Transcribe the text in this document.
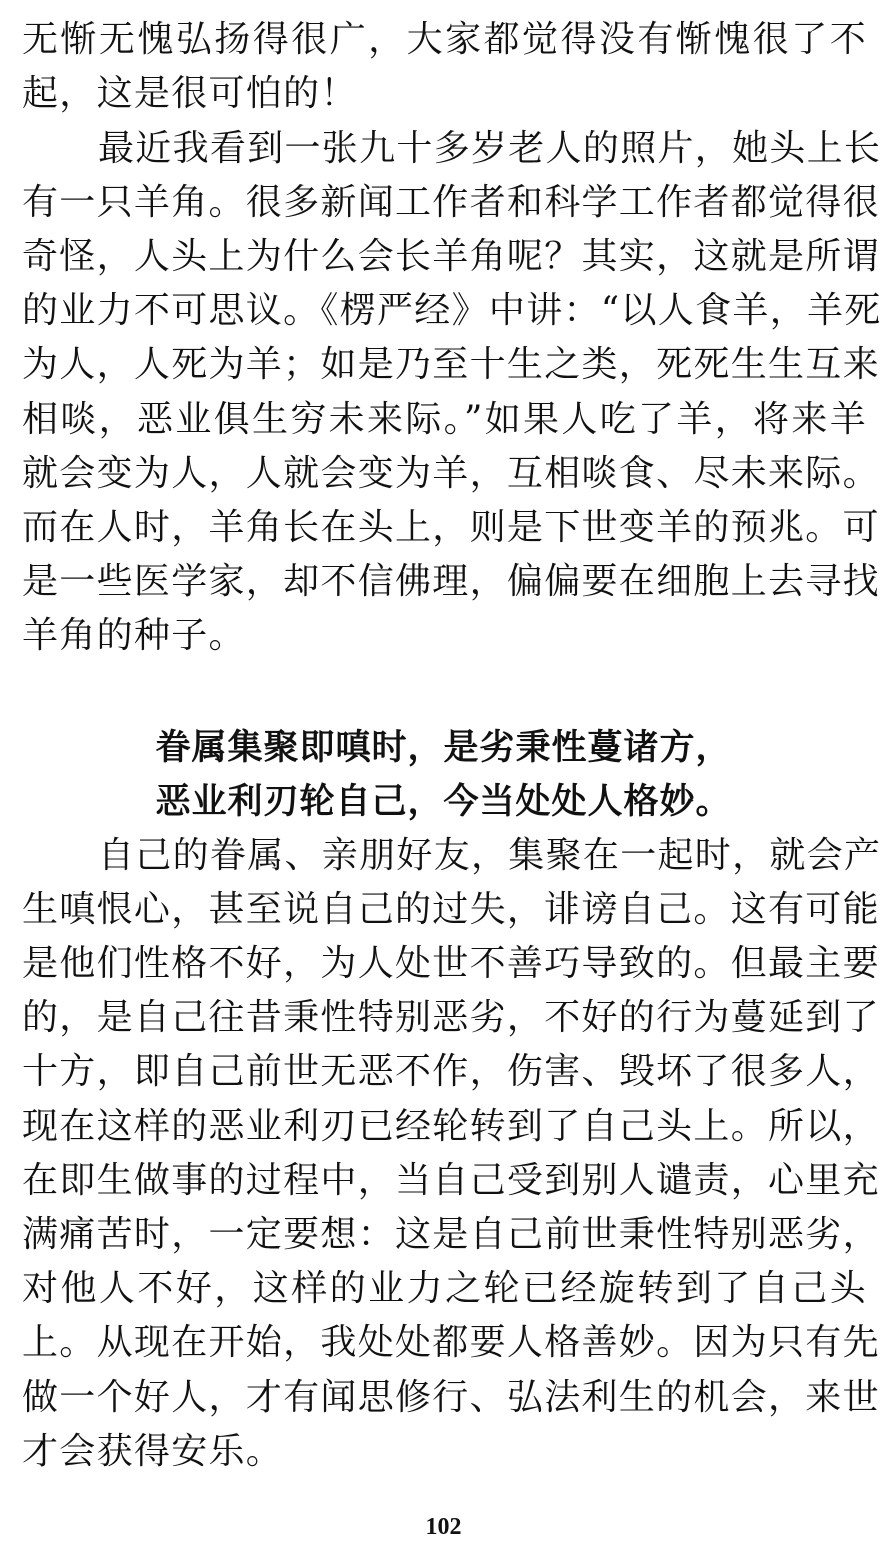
无惭无愧弘扬得很广，大家都觉得没有惭愧很了不
起，这是很可怕的！
最近我看到一张九十多岁老人的照片，她头上长
有一只羊角。很多新闻工作者和科学工作者都觉得很
奇怪，人头上为什么会长羊角呢？其实，这就是所谓
的业力不可思议。《楞严经》中讲：“以人食羊，羊死
为人，人死为羊；如是乃至十生之类，死死生生互来
相啖，恶业俱生穷未来际。”如果人吃了羊，将来羊
就会变为人，人就会变为羊，互相啖食、尽未来际。
而在人时，羊角长在头上，则是下世变羊的预兆。可
是一些医学家，却不信佛理，偏偏要在细胞上去寻找
羊角的种子。
眷属集聚即嗔时，是劣秉性蔓诸方，
恶业利刃轮自己，今当处处人格妙。
自己的眷属、亲朋好友，集聚在一起时，就会产
生嗔恨心，甚至说自己的过失，诽谤自己。这有可能
是他们性格不好，为人处世不善巧导致的。但最主要
的，是自己往昔秉性特别恶劣，不好的行为蔓延到了
十方，即自己前世无恶不作，伤害、毁坏了很多人，
现在这样的恶业利刃已经轮转到了自己头上。所以，
在即生做事的过程中，当自己受到别人谴责，心里充
满痛苦时，一定要想：这是自己前世秉性特别恶劣，
对他人不好，这样的业力之轮已经旋转到了自己头
上。从现在开始，我处处都要人格善妙。因为只有先
做一个好人，才有闻思修行、弘法利生的机会，来世
才会获得安乐。
102
